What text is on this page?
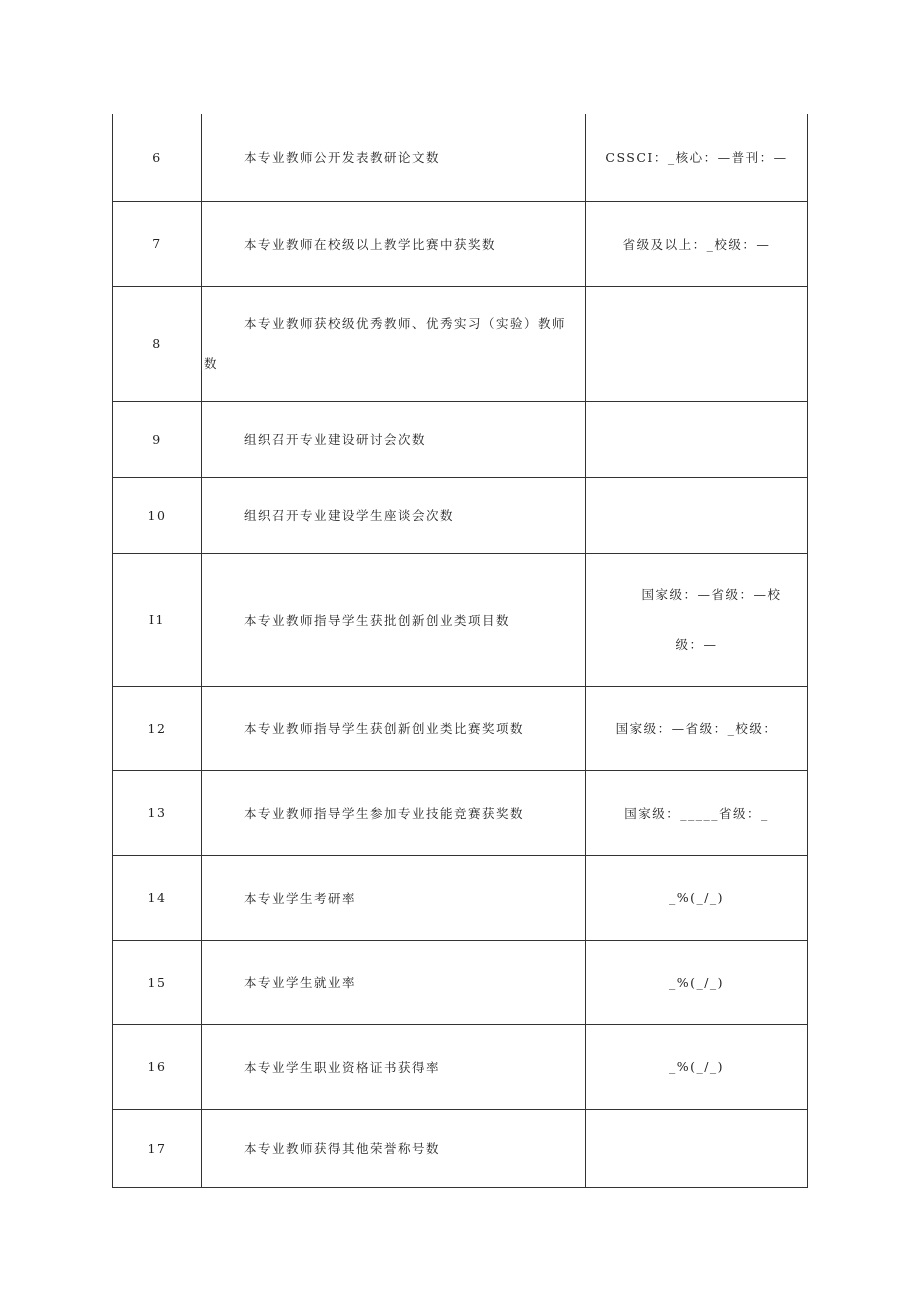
6	本专业教师公开发表教研论文数	CSSCI：_核心：—普刊：—
7	本专业教师在校级以上教学比赛中获奖数	省级及以上：_校级：—
8	本专业教师获校级优秀教师、优秀实习（实验）教师
数	

9	组织召开专业建设研讨会次数	

10	组织召开专业建设学生座谈会次数	

I1	本专业教师指导学生获批创新创业类项目数	国家级：—省级：—校
级：—

12	本专业教师指导学生获创新创业类比赛奖项数	国家级：—省级：_校级：
13	本专业教师指导学生参加专业技能竞赛获奖数	国家级：_____省级：_
14	本专业学生考研率	_%(_/_)
15	本专业学生就业率	_%(_/_)
16	本专业学生职业资格证书获得率	_%(_/_)
17	本专业教师获得其他荣誉称号数	
